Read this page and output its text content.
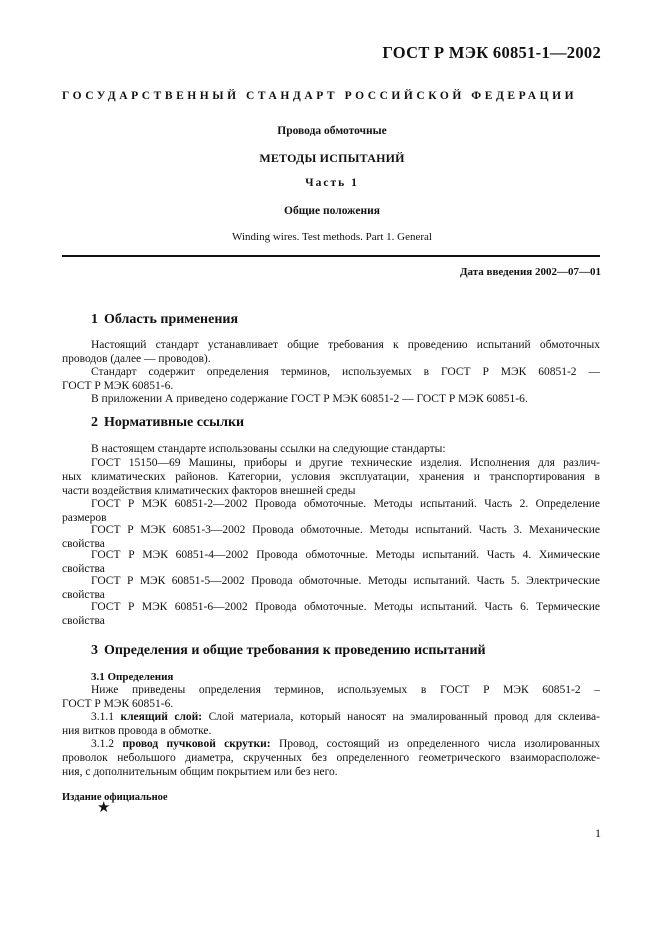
ГОСТ Р МЭК 60851-1—2002
ГОСУДАРСТВЕННЫЙ СТАНДАРТ РОССИЙСКОЙ ФЕДЕРАЦИИ
Провода обмоточные
МЕТОДЫ ИСПЫТАНИЙ
Часть 1
Общие положения
Winding wires. Test methods. Part 1. General
Дата введения 2002—07—01
1 Область применения
Настоящий стандарт устанавливает общие требования к проведению испытаний обмоточных
проводов (далее — проводов).
Стандарт содержит определения терминов, используемых в ГОСТ Р МЭК 60851-2 —
ГОСТ Р МЭК 60851-6.
В приложении А приведено содержание ГОСТ Р МЭК 60851-2 — ГОСТ Р МЭК 60851-6.
2 Нормативные ссылки
В настоящем стандарте использованы ссылки на следующие стандарты:
ГОСТ 15150—69 Машины, приборы и другие технические изделия. Исполнения для различ-
ных климатических районов. Категории, условия эксплуатации, хранения и транспортирования в
части воздействия климатических факторов внешней среды
ГОСТ Р МЭК 60851-2—2002 Провода обмоточные. Методы испытаний. Часть 2. Определение
размеров
ГОСТ Р МЭК 60851-3—2002 Провода обмоточные. Методы испытаний. Часть 3. Механические
свойства
ГОСТ Р МЭК 60851-4—2002 Провода обмоточные. Методы испытаний. Часть 4. Химические
свойства
ГОСТ Р МЭК 60851-5—2002 Провода обмоточные. Методы испытаний. Часть 5. Электрические
свойства
ГОСТ Р МЭК 60851-6—2002 Провода обмоточные. Методы испытаний. Часть 6. Термические
свойства
3 Определения и общие требования к проведению испытаний
3.1 Определения
Ниже приведены определения терминов, используемых в ГОСТ Р МЭК 60851-2 –
ГОСТ Р МЭК 60851-6.
3.1.1 клеящий слой: Слой материала, который наносят на эмалированный провод для склеива-
ния витков провода в обмотке.
3.1.2 провод пучковой скрутки: Провод, состоящий из определенного числа изолированных
проволок небольшого диаметра, скрученных без определенного геометрического взаиморасположе-
ния, с дополнительным общим покрытием или без него.
Издание официальное
★
1
